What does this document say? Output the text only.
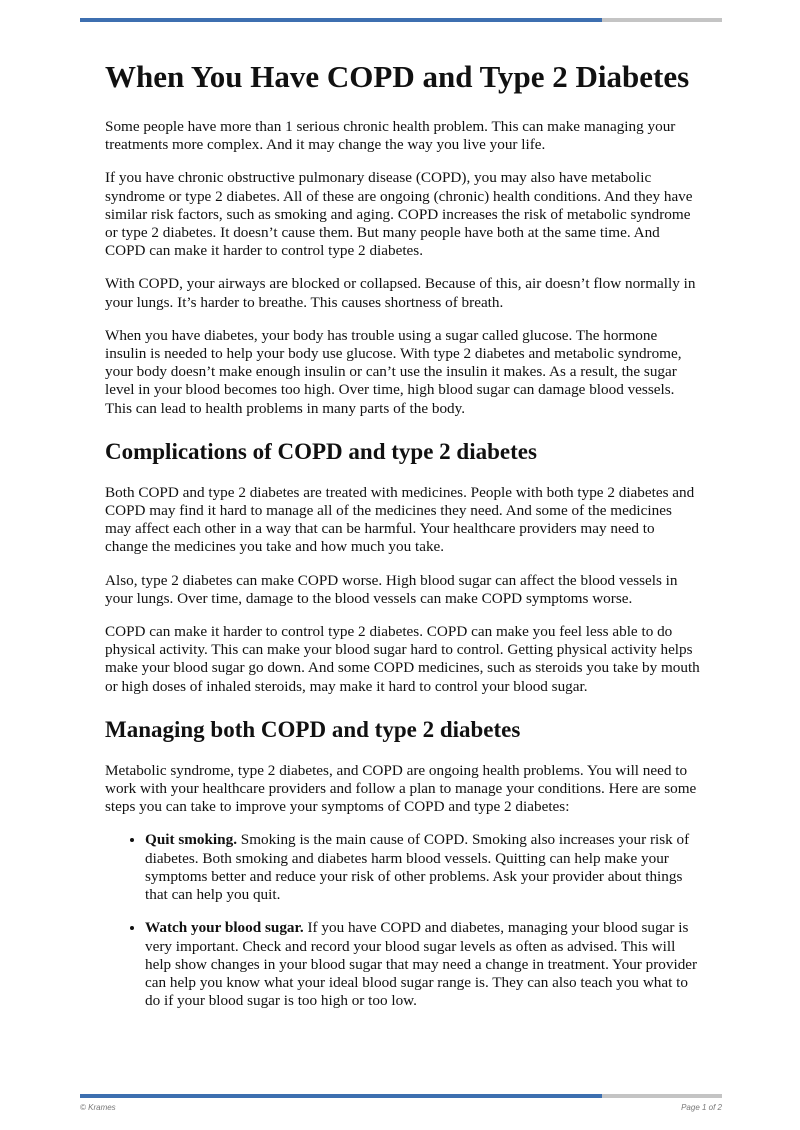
When You Have COPD and Type 2 Diabetes

Some people have more than 1 serious chronic health problem. This can make managing your treatments more complex. And it may change the way you live your life.

If you have chronic obstructive pulmonary disease (COPD), you may also have metabolic syndrome or type 2 diabetes. All of these are ongoing (chronic) health conditions. And they have similar risk factors, such as smoking and aging. COPD increases the risk of metabolic syndrome or type 2 diabetes. It doesn’t cause them. But many people have both at the same time. And COPD can make it harder to control type 2 diabetes.

With COPD, your airways are blocked or collapsed. Because of this, air doesn’t flow normally in your lungs. It’s harder to breathe. This causes shortness of breath.

When you have diabetes, your body has trouble using a sugar called glucose. The hormone insulin is needed to help your body use glucose. With type 2 diabetes and metabolic syndrome, your body doesn’t make enough insulin or can’t use the insulin it makes. As a result, the sugar level in your blood becomes too high. Over time, high blood sugar can damage blood vessels. This can lead to health problems in many parts of the body.

Complications of COPD and type 2 diabetes

Both COPD and type 2 diabetes are treated with medicines. People with both type 2 diabetes and COPD may find it hard to manage all of the medicines they need. And some of the medicines may affect each other in a way that can be harmful. Your healthcare providers may need to change the medicines you take and how much you take.

Also, type 2 diabetes can make COPD worse. High blood sugar can affect the blood vessels in your lungs. Over time, damage to the blood vessels can make COPD symptoms worse.

COPD can make it harder to control type 2 diabetes. COPD can make you feel less able to do physical activity. This can make your blood sugar hard to control. Getting physical activity helps make your blood sugar go down. And some COPD medicines, such as steroids you take by mouth or high doses of inhaled steroids, may make it hard to control your blood sugar.

Managing both COPD and type 2 diabetes

Metabolic syndrome, type 2 diabetes, and COPD are ongoing health problems. You will need to work with your healthcare providers and follow a plan to manage your conditions. Here are some steps you can take to improve your symptoms of COPD and type 2 diabetes:

• Quit smoking. Smoking is the main cause of COPD. Smoking also increases your risk of diabetes. Both smoking and diabetes harm blood vessels. Quitting can help make your symptoms better and reduce your risk of other problems. Ask your provider about things that can help you quit.
• Watch your blood sugar. If you have COPD and diabetes, managing your blood sugar is very important. Check and record your blood sugar levels as often as advised. This will help show changes in your blood sugar that may need a change in treatment. Your provider can help you know what your ideal blood sugar range is. They can also teach you what to do if your blood sugar is too high or too low.
© Krames	Page 1 of 2
